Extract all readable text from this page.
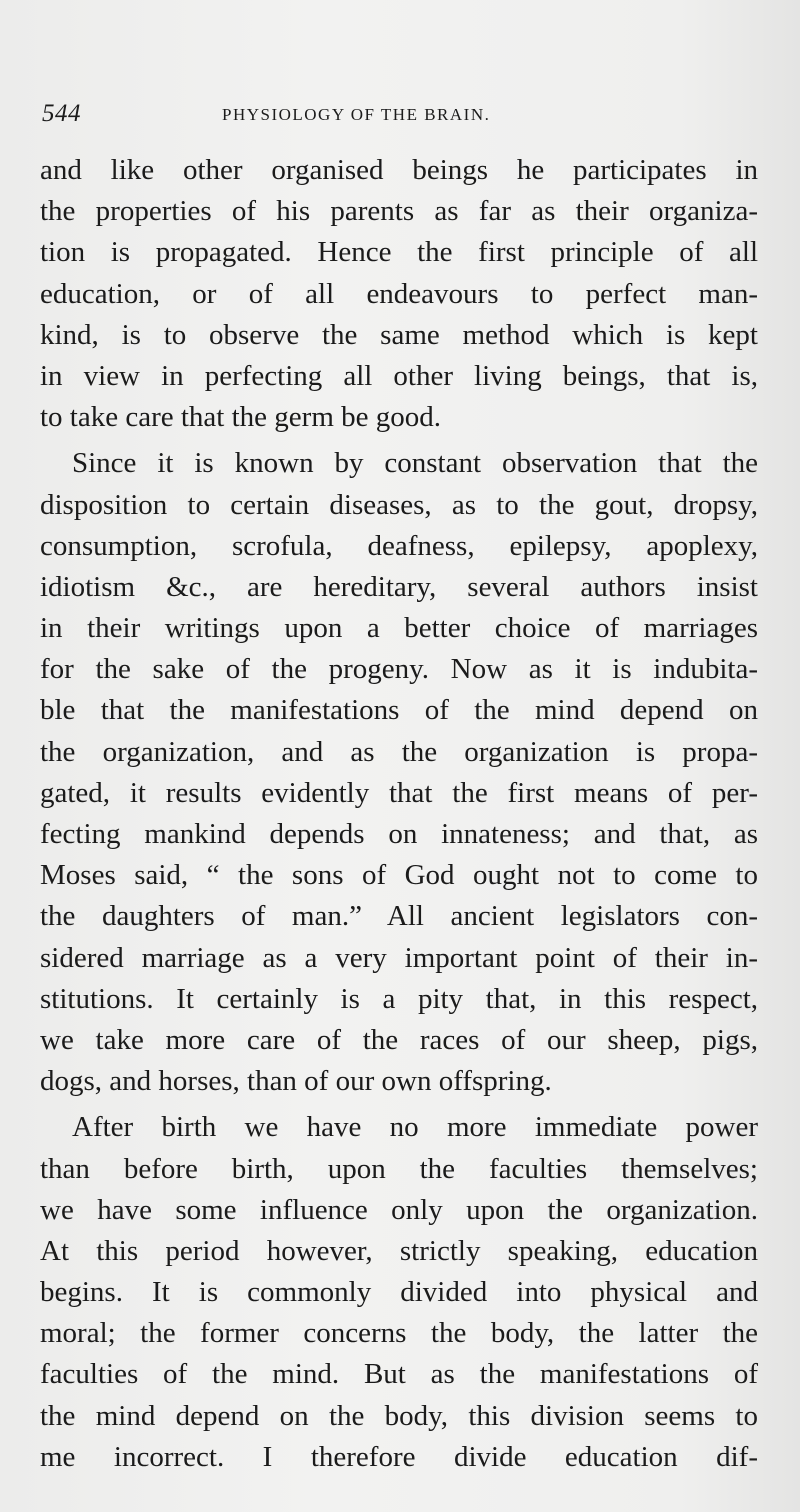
544	PHYSIOLOGY OF THE BRAIN.
and like other organised beings he participates in
the properties of his parents as far as their organiza-
tion is propagated. Hence the first principle of all
education, or of all endeavours to perfect man-
kind, is to observe the same method which is kept
in view in perfecting all other living beings, that is,
to take care that the germ be good.
Since it is known by constant observation that the
disposition to certain diseases, as to the gout, dropsy,
consumption, scrofula, deafness, epilepsy, apoplexy,
idiotism &c., are hereditary, several authors insist
in their writings upon a better choice of marriages
for the sake of the progeny. Now as it is indubita-
ble that the manifestations of the mind depend on
the organization, and as the organization is propa-
gated, it results evidently that the first means of per-
fecting mankind depends on innateness; and that, as
Moses said, “ the sons of God ought not to come to
the daughters of man.” All ancient legislators con-
sidered marriage as a very important point of their in-
stitutions. It certainly is a pity that, in this respect,
we take more care of the races of our sheep, pigs,
dogs, and horses, than of our own offspring.
After birth we have no more immediate power
than before birth, upon the faculties themselves;
we have some influence only upon the organization.
At this period however, strictly speaking, education
begins. It is commonly divided into physical and
moral; the former concerns the body, the latter the
faculties of the mind. But as the manifestations of
the mind depend on the body, this division seems to
me incorrect. I therefore divide education dif-
